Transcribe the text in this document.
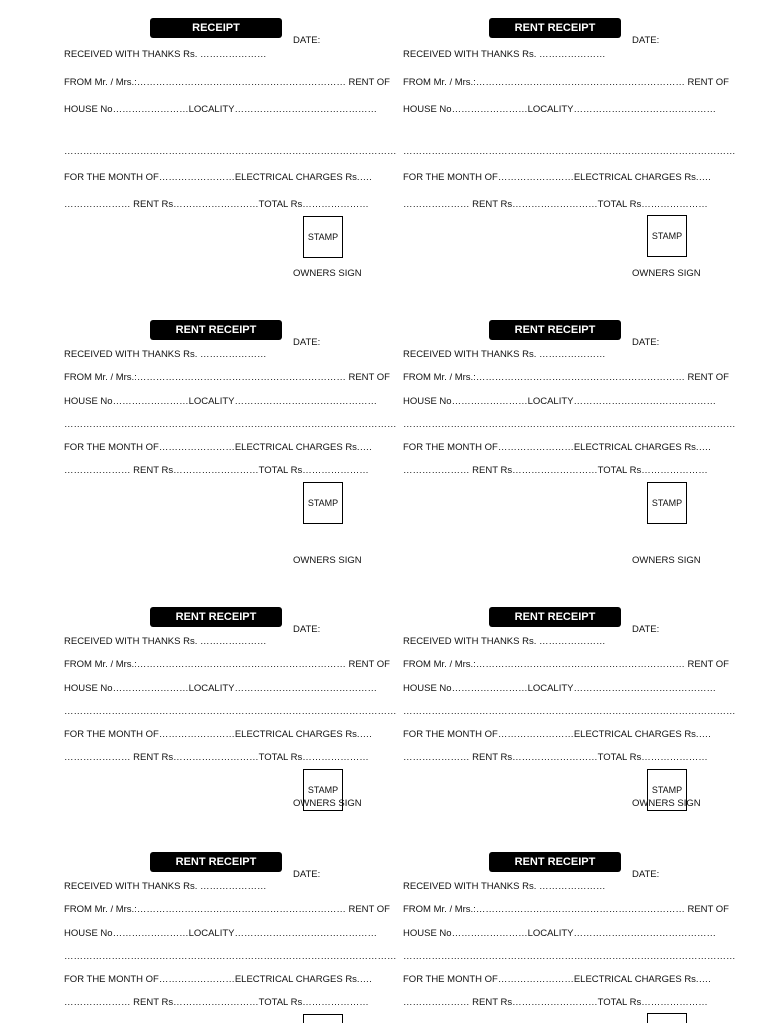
RECEIPT
DATE:
RECEIVED WITH THANKS Rs. …………………
FROM Mr. / Mrs.:………………………………………………………… RENT OF
HOUSE No……………………LOCALITY………………………………………
……………………………………………………………………………………………
FOR THE MONTH OF……………………ELECTRICAL CHARGES Rs.….
………………… RENT Rs………………………TOTAL Rs…………………
STAMP
OWNERS SIGN
RENT RECEIPT
DATE:
RECEIVED WITH THANKS Rs. …………………
FROM Mr. / Mrs.:………………………………………………………… RENT OF
HOUSE No……………………LOCALITY………………………………………
……………………………………………………………………………………………
FOR THE MONTH OF……………………ELECTRICAL CHARGES Rs.….
………………… RENT Rs………………………TOTAL Rs…………………
STAMP
OWNERS SIGN
RENT RECEIPT
DATE:
RECEIVED WITH THANKS Rs. …………………
FROM Mr. / Mrs.:………………………………………………………… RENT OF
HOUSE No……………………LOCALITY………………………………………
……………………………………………………………………………………………
FOR THE MONTH OF……………………ELECTRICAL CHARGES Rs.….
………………… RENT Rs………………………TOTAL Rs…………………
STAMP
OWNERS SIGN
RENT RECEIPT
DATE:
RECEIVED WITH THANKS Rs. …………………
FROM Mr. / Mrs.:………………………………………………………… RENT OF
HOUSE No……………………LOCALITY………………………………………
……………………………………………………………………………………………
FOR THE MONTH OF……………………ELECTRICAL CHARGES Rs.….
………………… RENT Rs………………………TOTAL Rs…………………
STAMP
OWNERS SIGN
RENT RECEIPT
DATE:
RECEIVED WITH THANKS Rs. …………………
FROM Mr. / Mrs.:………………………………………………………… RENT OF
HOUSE No……………………LOCALITY………………………………………
……………………………………………………………………………………………
FOR THE MONTH OF……………………ELECTRICAL CHARGES Rs.….
………………… RENT Rs………………………TOTAL Rs…………………
STAMP
OWNERS SIGN
RENT RECEIPT
DATE:
RECEIVED WITH THANKS Rs. …………………
FROM Mr. / Mrs.:………………………………………………………… RENT OF
HOUSE No……………………LOCALITY………………………………………
……………………………………………………………………………………………
FOR THE MONTH OF……………………ELECTRICAL CHARGES Rs.….
………………… RENT Rs………………………TOTAL Rs…………………
STAMP
OWNERS SIGN
RENT RECEIPT
DATE:
RECEIVED WITH THANKS Rs. …………………
FROM Mr. / Mrs.:………………………………………………………… RENT OF
HOUSE No……………………LOCALITY………………………………………
……………………………………………………………………………………………
FOR THE MONTH OF……………………ELECTRICAL CHARGES Rs.….
………………… RENT Rs………………………TOTAL Rs…………………
RENT RECEIPT
DATE:
RECEIVED WITH THANKS Rs. …………………
FROM Mr. / Mrs.:………………………………………………………… RENT OF
HOUSE No……………………LOCALITY………………………………………
……………………………………………………………………………………………
FOR THE MONTH OF……………………ELECTRICAL CHARGES Rs.….
………………… RENT Rs………………………TOTAL Rs…………………
